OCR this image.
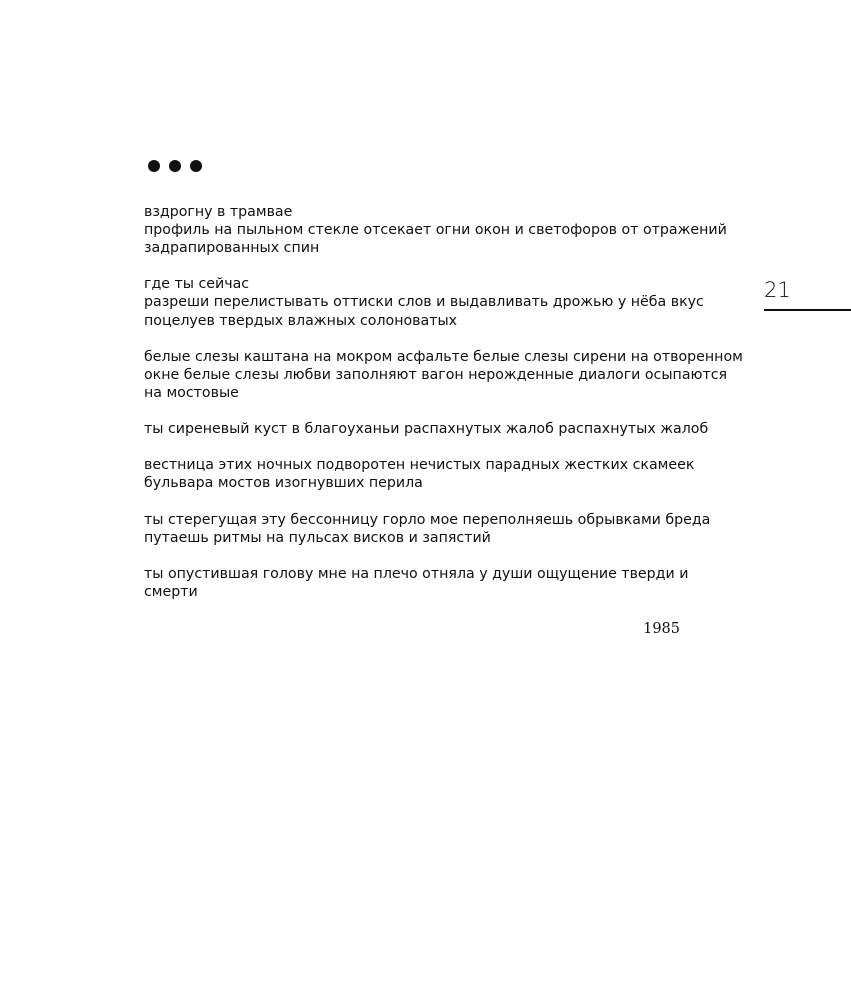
вздрогну в трамвае
профиль на пыльном стекле отсекает огни окон и светофоров от отражений
задрапированных спин
где ты сейчас
разреши перелистывать оттиски слов и выдавливать дрожью у нёба вкус
поцелуев твердых влажных солоноватых
белые слезы каштана на мокром асфальте белые слезы сирени на отворенном
окне белые слезы любви заполняют вагон нерожденные диалоги осыпаются
на мостовые
ты сиреневый куст в благоуханьи распахнутых жалоб распахнутых жалоб
вестница этих ночных подворотен нечистых парадных жестких скамеек
бульвара мостов изогнувших перила
ты стерегущая эту бессонницу горло мое переполняешь обрывками бреда
путаешь ритмы на пульсах висков и запястий
ты опустившая голову мне на плечо отняла у души ощущение тверди и
смерти
1985
21
